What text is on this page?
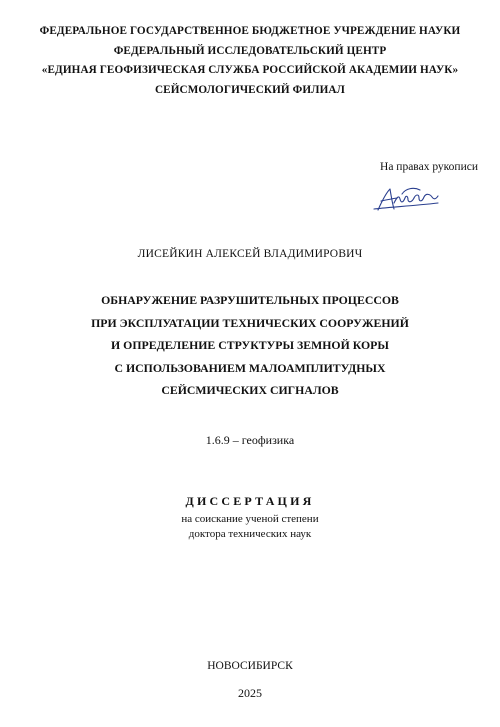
ФЕДЕРАЛЬНОЕ ГОСУДАРСТВЕННОЕ БЮДЖЕТНОЕ УЧРЕЖДЕНИЕ НАУКИ
ФЕДЕРАЛЬНЫЙ ИССЛЕДОВАТЕЛЬСКИЙ ЦЕНТР
«ЕДИНАЯ ГЕОФИЗИЧЕСКАЯ СЛУЖБА РОССИЙСКОЙ АКАДЕМИИ НАУК»
СЕЙСМОЛОГИЧЕСКИЙ ФИЛИАЛ
На правах рукописи
ЛИСЕЙКИН АЛЕКСЕЙ ВЛАДИМИРОВИЧ
ОБНАРУЖЕНИЕ РАЗРУШИТЕЛЬНЫХ ПРОЦЕССОВ
ПРИ ЭКСПЛУАТАЦИИ ТЕХНИЧЕСКИХ СООРУЖЕНИЙ
И ОПРЕДЕЛЕНИЕ СТРУКТУРЫ ЗЕМНОЙ КОРЫ
С ИСПОЛЬЗОВАНИЕМ МАЛОАМПЛИТУДНЫХ
СЕЙСМИЧЕСКИХ СИГНАЛОВ
1.6.9 – геофизика
ДИССЕРТАЦИЯ
на соискание ученой степени
доктора технических наук
НОВОСИБИРСК
2025
